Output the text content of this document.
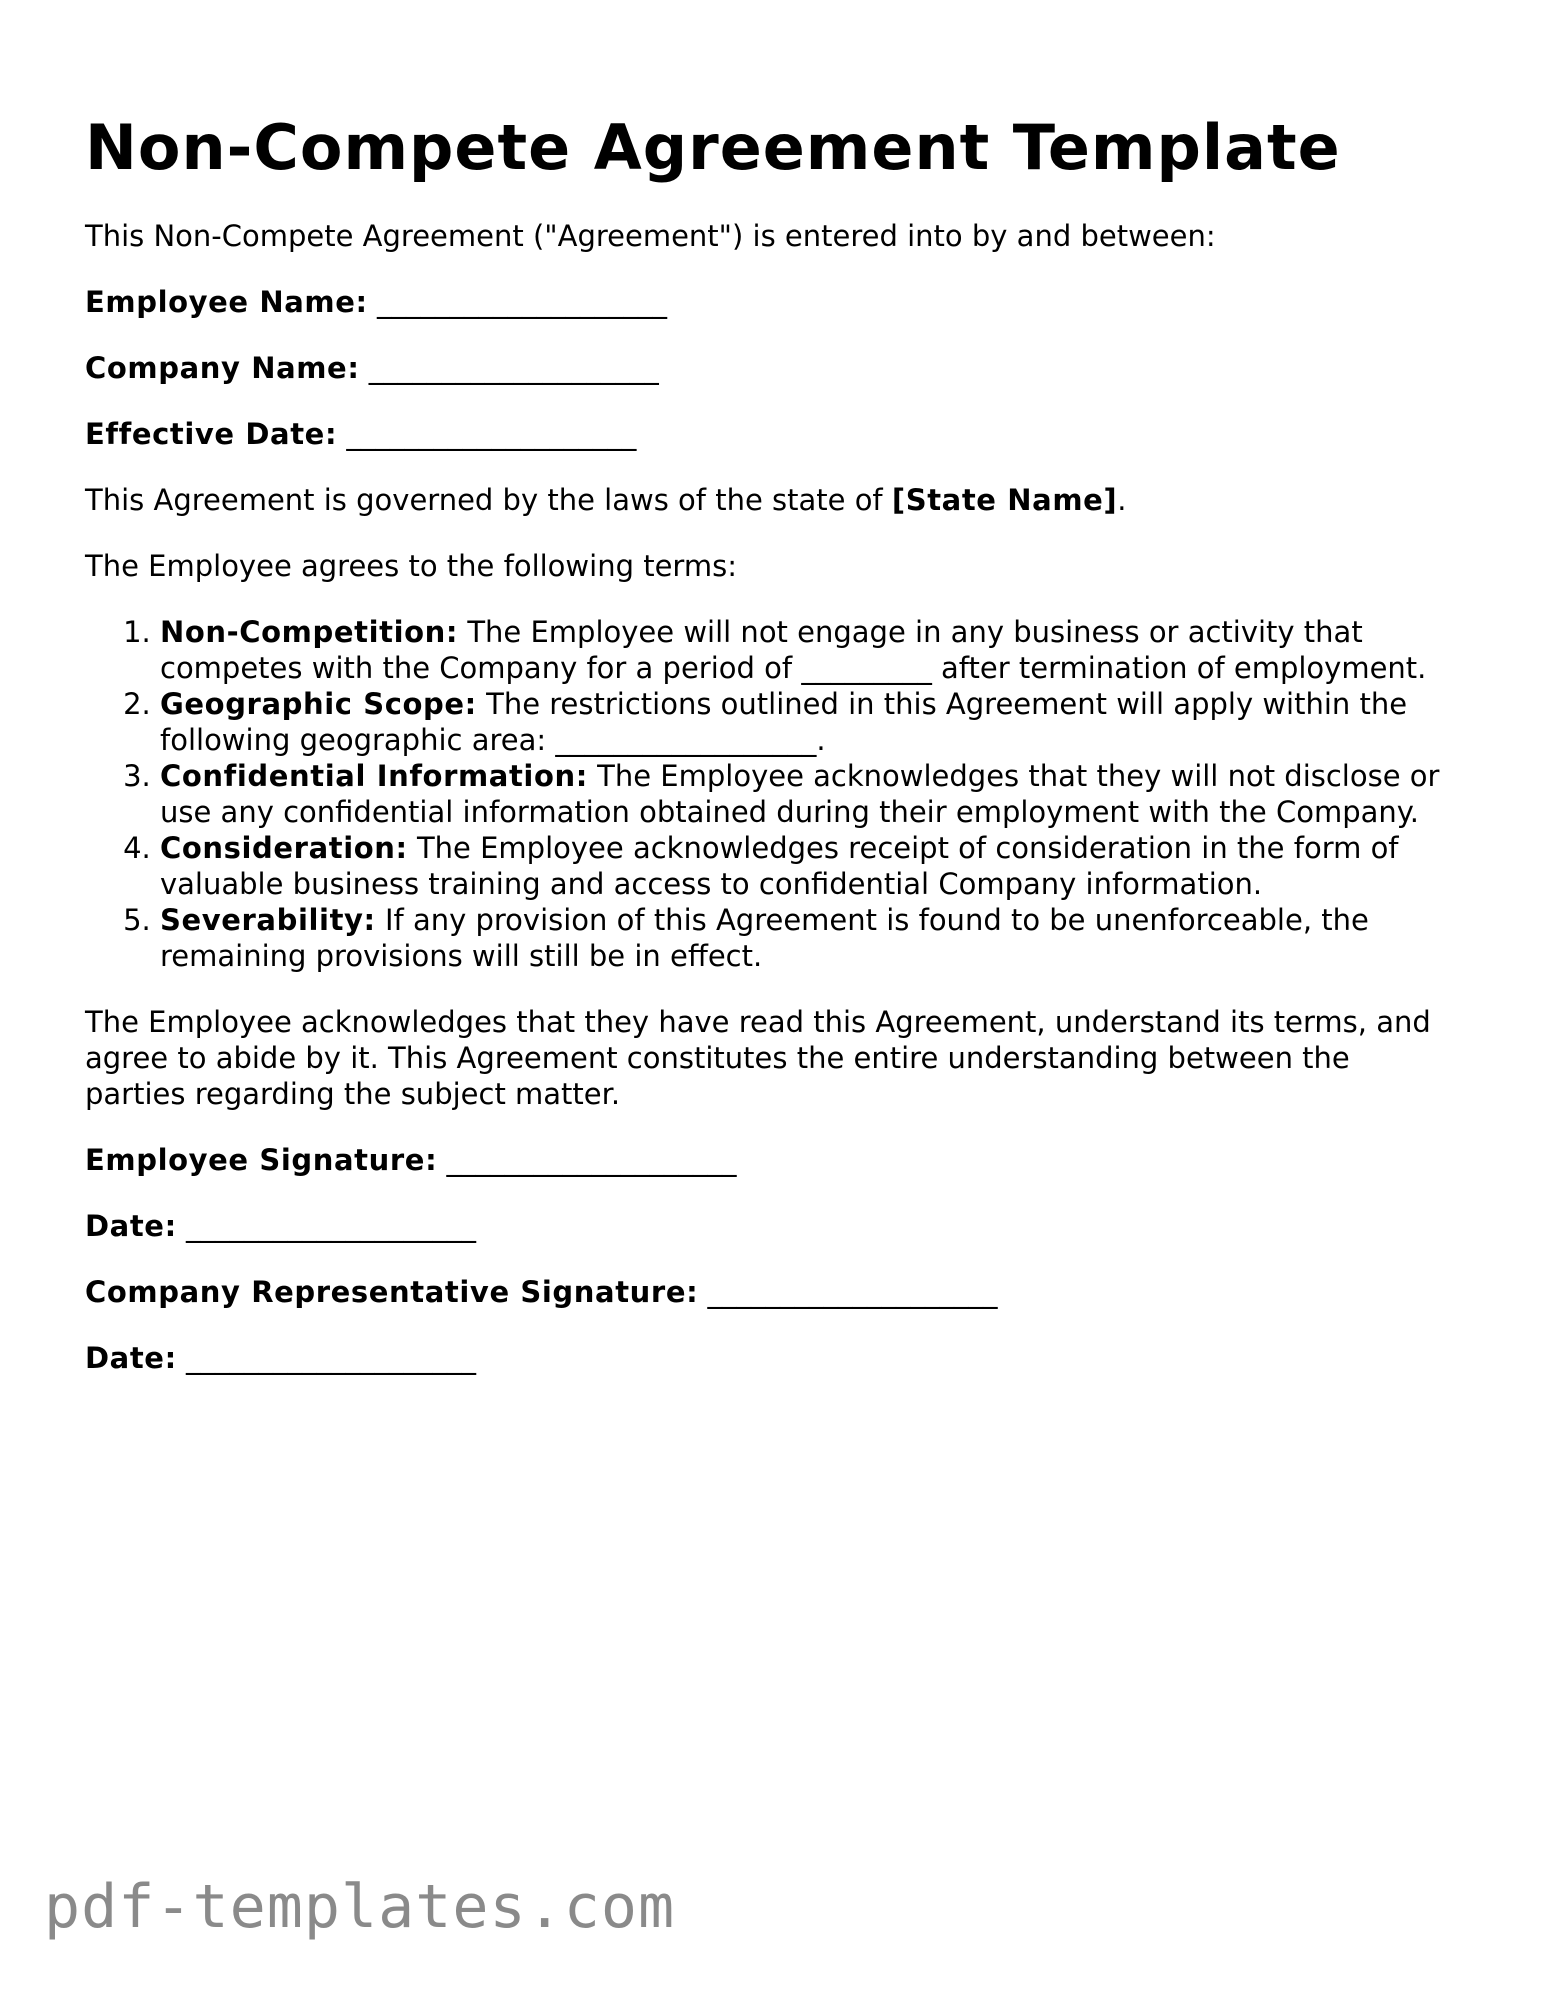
Non-Compete Agreement Template

This Non-Compete Agreement ("Agreement") is entered into by and between:

Employee Name: ____________________

Company Name: ____________________

Effective Date: ____________________

This Agreement is governed by the laws of the state of [State Name].

The Employee agrees to the following terms:

1. Non-Competition: The Employee will not engage in any business or activity that competes with the Company for a period of _________ after termination of employment.
2. Geographic Scope: The restrictions outlined in this Agreement will apply within the following geographic area: __________________.
3. Confidential Information: The Employee acknowledges that they will not disclose or use any confidential information obtained during their employment with the Company.
4. Consideration: The Employee acknowledges receipt of consideration in the form of valuable business training and access to confidential Company information.
5. Severability: If any provision of this Agreement is found to be unenforceable, the remaining provisions will still be in effect.

The Employee acknowledges that they have read this Agreement, understand its terms, and agree to abide by it. This Agreement constitutes the entire understanding between the parties regarding the subject matter.

Employee Signature: ____________________

Date: ____________________

Company Representative Signature: ____________________

Date: ____________________

pdf-templates.com
